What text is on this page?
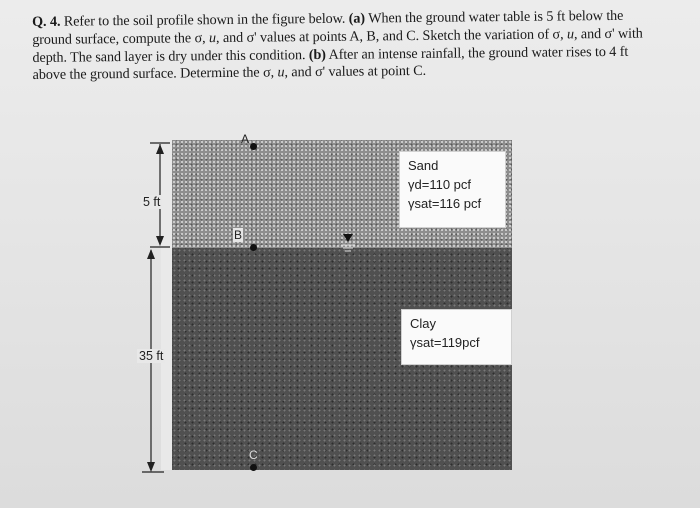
Q. 4. Refer to the soil profile shown in the figure below. (a) When the ground water table is 5 ft below the ground surface, compute the σ, u, and σ' values at points A, B, and C. Sketch the variation of σ, u, and σ' with depth. The sand layer is dry under this condition. (b) After an intense rainfall, the ground water rises to 4 ft above the ground surface. Determine the σ, u, and σ' values at point C.
5 ft
35 ft
A
B
C
Sand
γd=110 pcf
γsat=116 pcf
Clay
γsat=119pcf
